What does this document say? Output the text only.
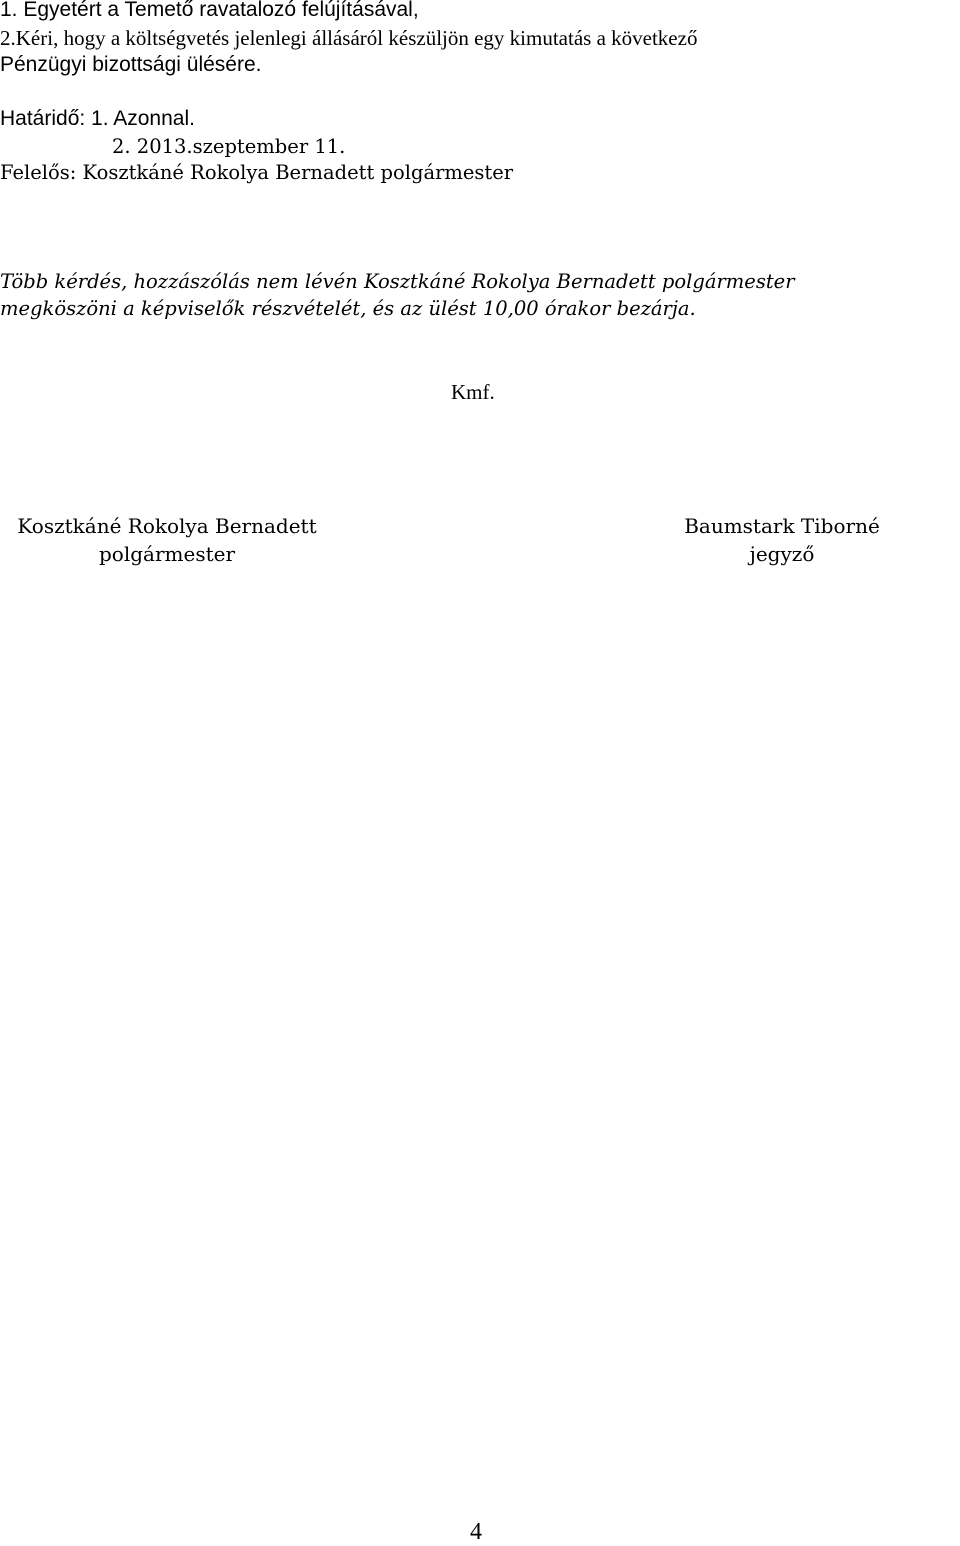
1. Egyetért a Temető ravatalozó felújításával,
2.Kéri, hogy a költségvetés jelenlegi állásáról készüljön egy kimutatás a következő
Pénzügyi bizottsági ülésére.
Határidő: 1. Azonnal.
2. 2013.szeptember 11.
Felelős: Kosztkáné Rokolya Bernadett polgármester
Több kérdés, hozzászólás nem lévén Kosztkáné Rokolya Bernadett polgármester
megköszöni a képviselők részvételét, és az ülést 10,00 órakor bezárja.
Kmf.
Kosztkáné Rokolya Bernadett
polgármester
Baumstark Tiborné
jegyző
4
